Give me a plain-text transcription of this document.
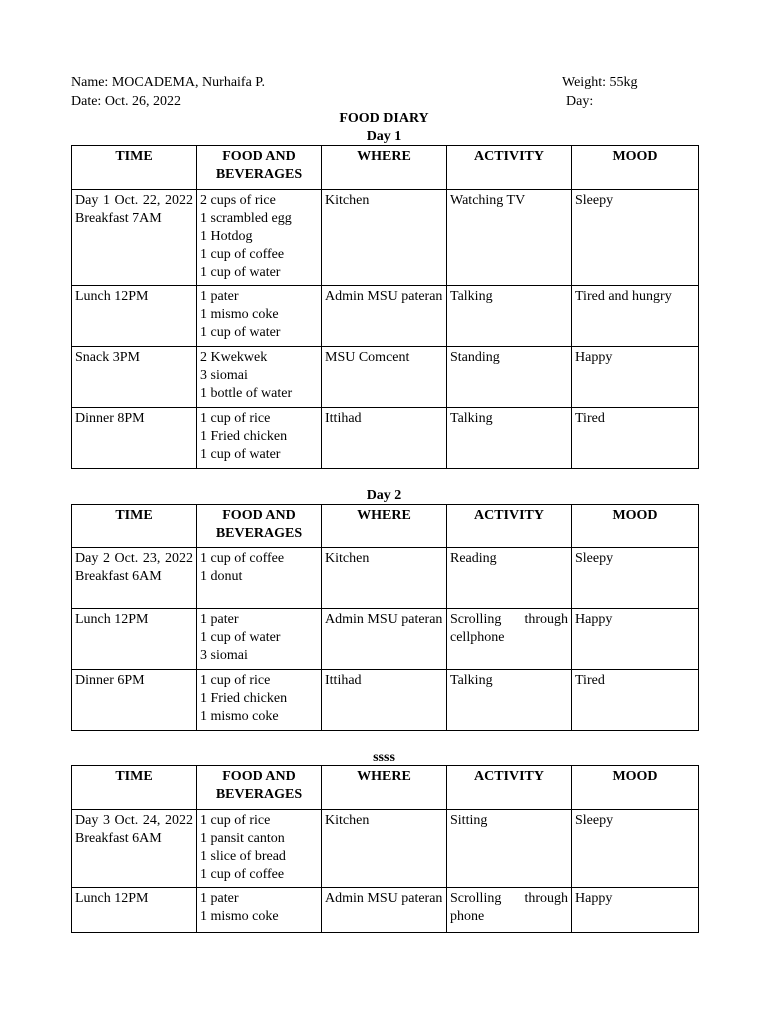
Name: MOCADEMA, Nurhaifa P.	Weight: 55kg
Date: Oct. 26, 2022	Day:
FOOD DIARY
Day 1
TIME	FOOD AND BEVERAGES	WHERE	ACTIVITY	MOOD
Day 1 Oct. 22, 2022 Breakfast 7AM	2 cups of rice
1 scrambled egg
1 Hotdog
1 cup of coffee
1 cup of water	Kitchen	Watching TV	Sleepy
Lunch 12PM	1 pater
1 mismo coke
1 cup of water	Admin MSU pateran	Talking	Tired and hungry
Snack 3PM	2 Kwekwek
3 siomai
1 bottle of water	MSU Comcent	Standing	Happy
Dinner 8PM	1 cup of rice
1 Fried chicken
1 cup of water	Ittihad	Talking	Tired
Day 2
TIME	FOOD AND BEVERAGES	WHERE	ACTIVITY	MOOD
Day 2 Oct. 23, 2022 Breakfast 6AM	1 cup of coffee
1 donut	Kitchen	Reading	Sleepy
Lunch 12PM	1 pater
1 cup of water
3 siomai	Admin MSU pateran	Scrolling through cellphone	Happy
Dinner 6PM	1 cup of rice
1 Fried chicken
1 mismo coke	Ittihad	Talking	Tired
ssss
TIME	FOOD AND BEVERAGES	WHERE	ACTIVITY	MOOD
Day 3 Oct. 24, 2022 Breakfast 6AM	1 cup of rice
1 pansit canton
1 slice of bread
1 cup of coffee	Kitchen	Sitting	Sleepy
Lunch 12PM	1 pater
1 mismo coke	Admin MSU pateran	Scrolling through phone	Happy
